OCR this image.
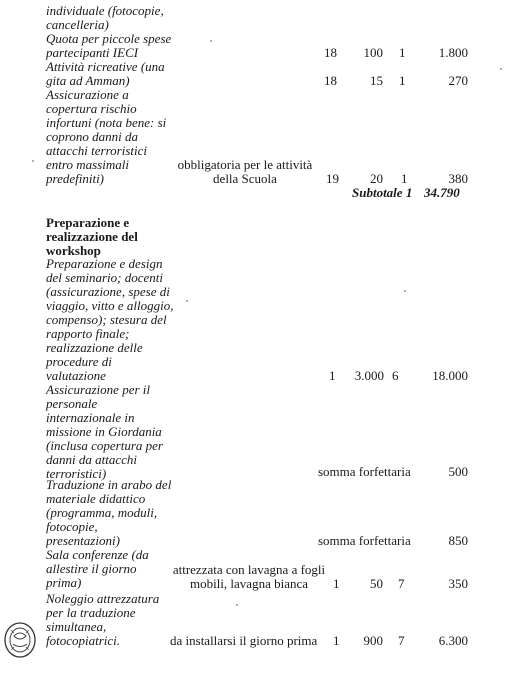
individuale (fotocopie,
cancelleria)
Quota per piccole spese
partecipanti IECI	18	100 1	1.800
Attività ricreative (una
gita ad Amman)	18	15 1	270
Assicurazione a
copertura rischio
infortuni (nota bene: si
coprono danni da
attacchi terroristici
entro massimali
predefiniti)
obbligatoria per le attività
della Scuola	19	20 1	380
Subtotale 1 34.790
Preparazione e
realizzazione del
workshop
Preparazione e design
del seminario; docenti
(assicurazione, spese di
viaggio, vitto e alloggio,
compenso); stesura del
rapporto finale;
realizzazione delle
procedure di
valutazione	1	3.000 6	18.000
Assicurazione per il
personale
internazionale in
missione in Giordania
(inclusa copertura per
danni da attacchi
terroristici)	somma forfettaria	500
Traduzione in arabo del
materiale didattico
(programma, moduli,
fotocopie,
presentazioni)	somma forfettaria	850
Sala conferenze (da
allestire il giorno
prima)
attrezzata con lavagna a fogli
mobili, lavagna bianca	1	50 7	350
Noleggio attrezzatura
per la traduzione
simultanea,
fotocopiatrici.	da installarsi il giorno prima 1	900 7	6.300
